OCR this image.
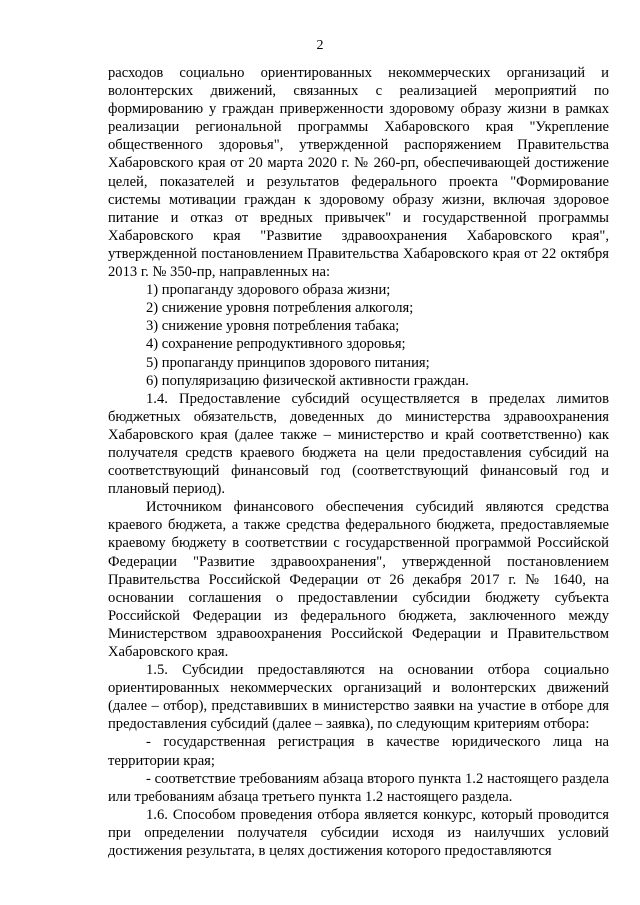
2

расходов социально ориентированных некоммерческих организаций и волонтерских движений, связанных с реализацией мероприятий по формированию у граждан приверженности здоровому образу жизни в рамках реализации региональной программы Хабаровского края "Укрепление общественного здоровья", утвержденной распоряжением Правительства Хабаровского края от 20 марта 2020 г. № 260-рп, обеспечивающей достижение целей, показателей и результатов федерального проекта "Формирование системы мотивации граждан к здоровому образу жизни, включая здоровое питание и отказ от вредных привычек" и государственной программы Хабаровского края "Развитие здравоохранения Хабаровского края", утвержденной постановлением Правительства Хабаровского края от 22 октября 2013 г. № 350-пр, направленных на:

1) пропаганду здорового образа жизни;

2) снижение уровня потребления алкоголя;

3) снижение уровня потребления табака;

4) сохранение репродуктивного здоровья;

5) пропаганду принципов здорового питания;

6) популяризацию физической активности граждан.

1.4. Предоставление субсидий осуществляется в пределах лимитов бюджетных обязательств, доведенных до министерства здравоохранения Хабаровского края (далее также – министерство и край соответственно) как получателя средств краевого бюджета на цели предоставления субсидий на соответствующий финансовый год (соответствующий финансовый год и плановый период).

Источником финансового обеспечения субсидий являются средства краевого бюджета, а также средства федерального бюджета, предоставляемые краевому бюджету в соответствии с государственной программой Российской Федерации "Развитие здравоохранения", утвержденной постановлением Правительства Российской Федерации от 26 декабря 2017 г. № 1640, на основании соглашения о предоставлении субсидии бюджету субъекта Российской Федерации из федерального бюджета, заключенного между Министерством здравоохранения Российской Федерации и Правительством Хабаровского края.

1.5. Субсидии предоставляются на основании отбора социально ориентированных некоммерческих организаций и волонтерских движений (далее – отбор), представивших в министерство заявки на участие в отборе для предоставления субсидий (далее – заявка), по следующим критериям отбора:

- государственная регистрация в качестве юридического лица на территории края;

- соответствие требованиям абзаца второго пункта 1.2 настоящего раздела или требованиям абзаца третьего пункта 1.2 настоящего раздела.

1.6. Способом проведения отбора является конкурс, который проводится при определении получателя субсидии исходя из наилучших условий достижения результата, в целях достижения которого предоставляются
